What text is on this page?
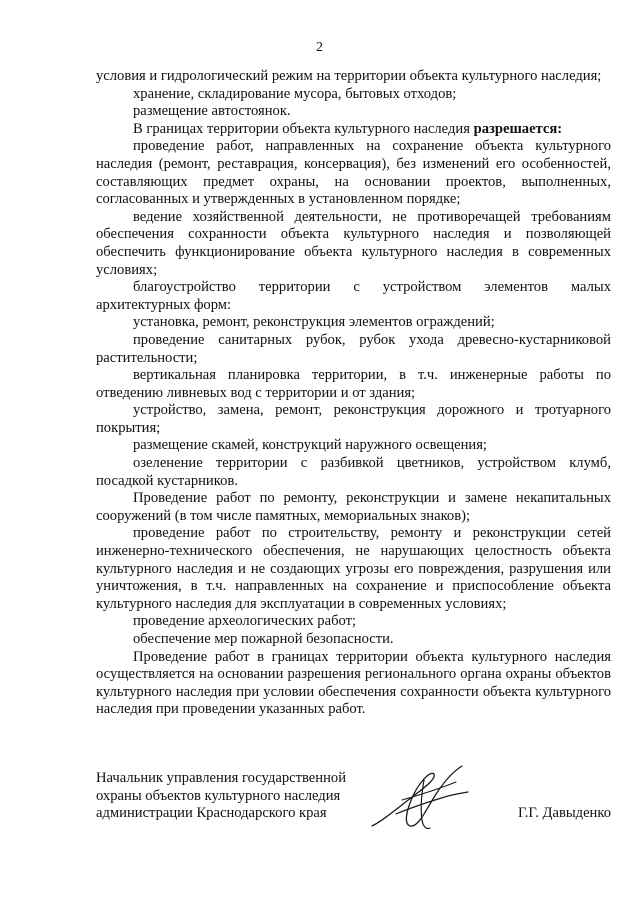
2

условия и гидрологический режим на территории объекта культурного наследия;

хранение, складирование мусора, бытовых отходов;

размещение автостоянок.

В границах территории объекта культурного наследия разрешается:

проведение работ, направленных на сохранение объекта культурного наследия (ремонт, реставрация, консервация), без изменений его особенностей, составляющих предмет охраны, на основании проектов, выполненных, согласованных и утвержденных в установленном порядке;

ведение хозяйственной деятельности, не противоречащей требованиям обеспечения сохранности объекта культурного наследия и позволяющей обеспечить функционирование объекта культурного наследия в современных условиях;

благоустройство территории с устройством элементов малых архитектурных форм:

установка, ремонт, реконструкция элементов ограждений;

проведение санитарных рубок, рубок ухода древесно-кустарниковой растительности;

вертикальная планировка территории, в т.ч. инженерные работы по отведению ливневых вод с территории и от здания;

устройство, замена, ремонт, реконструкция дорожного и тротуарного покрытия;

размещение скамей, конструкций наружного освещения;

озеленение территории с разбивкой цветников, устройством клумб, посадкой кустарников.

Проведение работ по ремонту, реконструкции и замене некапитальных сооружений (в том числе памятных, мемориальных знаков);

проведение работ по строительству, ремонту и реконструкции сетей инженерно-технического обеспечения, не нарушающих целостность объекта культурного наследия и не создающих угрозы его повреждения, разрушения или уничтожения, в т.ч. направленных на сохранение и приспособление объекта культурного наследия для эксплуатации в современных условиях;

проведение археологических работ;

обеспечение мер пожарной безопасности.

Проведение работ в границах территории объекта культурного наследия осуществляется на основании разрешения регионального органа охраны объектов культурного наследия при условии обеспечения сохранности объекта культурного наследия при проведении указанных работ.

Начальник управления государственной
охраны объектов культурного наследия
администрации Краснодарского края	Г.Г. Давыденко
